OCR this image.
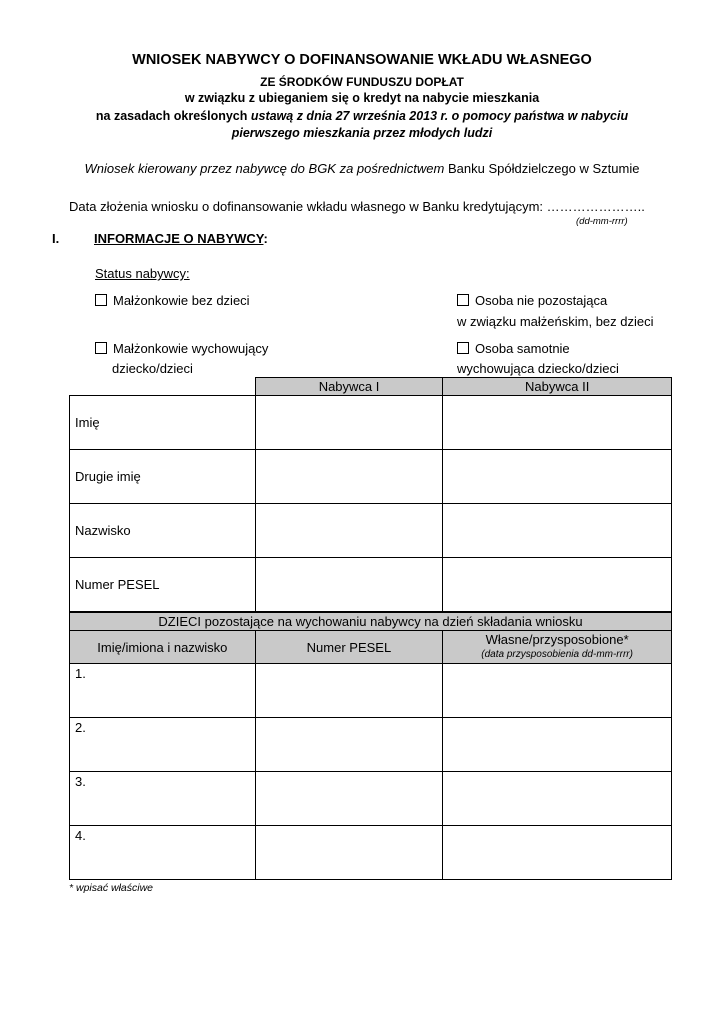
WNIOSEK NABYWCY O DOFINANSOWANIE WKŁADU WŁASNEGO
ZE ŚRODKÓW FUNDUSZU DOPŁAT
w związku z ubieganiem się o kredyt na nabycie mieszkania
na zasadach określonych ustawą z dnia 27 września 2013 r. o pomocy państwa w nabyciu
pierwszego mieszkania przez młodych ludzi
Wniosek kierowany przez nabywcę do BGK za pośrednictwem Banku Spółdzielczego w Sztumie
Data złożenia wniosku o dofinansowanie wkładu własnego w Banku kredytującym: …………………..
(dd-mm-rrrr)
I.	INFORMACJE O NABYWCY:
Status nabywcy:
Małżonkowie bez dzieci	Osoba nie pozostająca
w związku małżeńskim, bez dzieci
Małżonkowie wychowujący
dziecko/dzieci
Osoba samotnie
wychowująca dziecko/dzieci
	Nabywca I	Nabywca II
Imię		
Drugie imię		
Nazwisko		
Numer PESEL		
DZIECI pozostające na wychowaniu nabywcy na dzień składania wniosku		
Imię/imiona i nazwisko	Numer PESEL	Własne/przysposobione*
(data przysposobienia dd-mm-rrrr)

1.		
2.		
3.		
4.		
* wpisać właściwe
